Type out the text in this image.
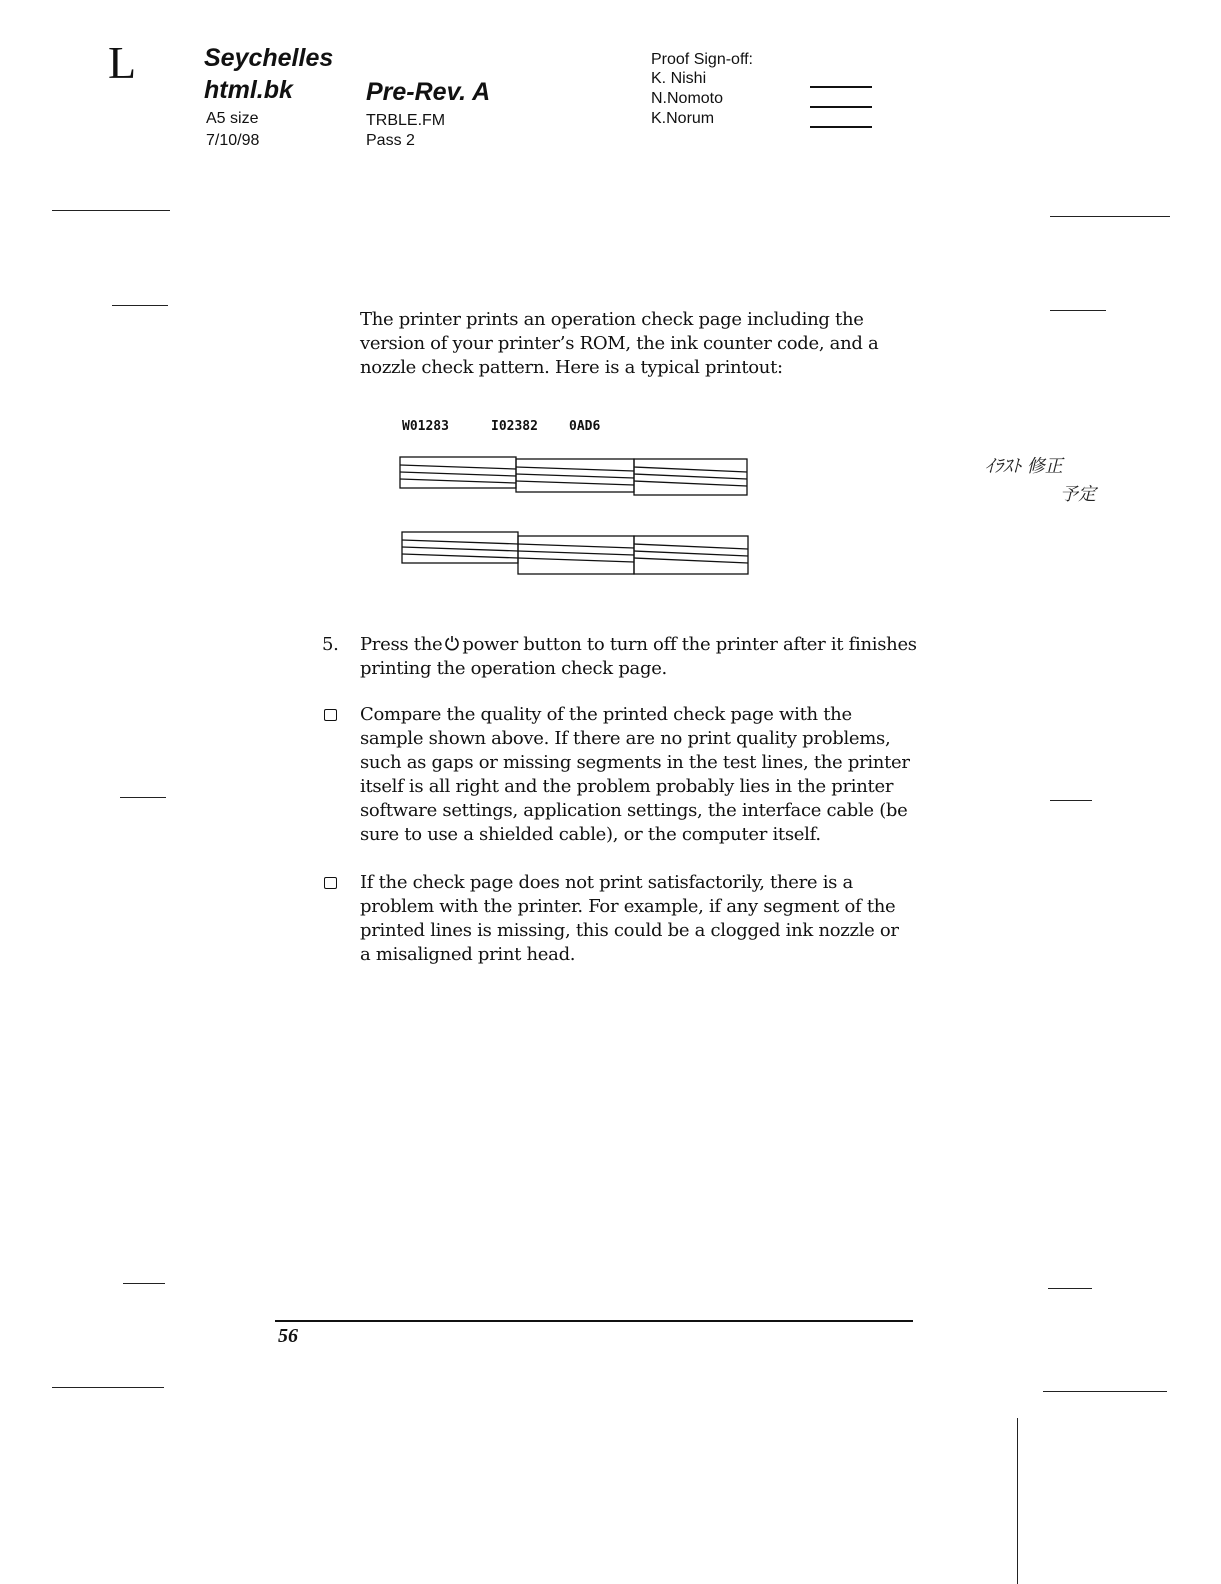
L	Seychelles
html.bk	Pre-Rev. A
A5 size
7/10/98
TRBLE.FM
Pass 2
Proof Sign-off:
K. Nishi
N.Nomoto
K.Norum

The printer prints an operation check page including the

version of your printer’s ROM, the ink counter code, and a

nozzle check pattern. Here is a typical printout:

W01283	I02382 0AD6
ｲﾗｽﾄ 修正
予定
5. Press the power button to turn off the printer after it finishes

printing the operation check page.

Compare the quality of the printed check page with the

sample shown above. If there are no print quality problems,

such as gaps or missing segments in the test lines, the printer

itself is all right and the problem probably lies in the printer

software settings, application settings, the interface cable (be

sure to use a shielded cable), or the computer itself.

If the check page does not print satisfactorily, there is a

problem with the printer. For example, if any segment of the

printed lines is missing, this could be a clogged ink nozzle or

a misaligned print head.

56
